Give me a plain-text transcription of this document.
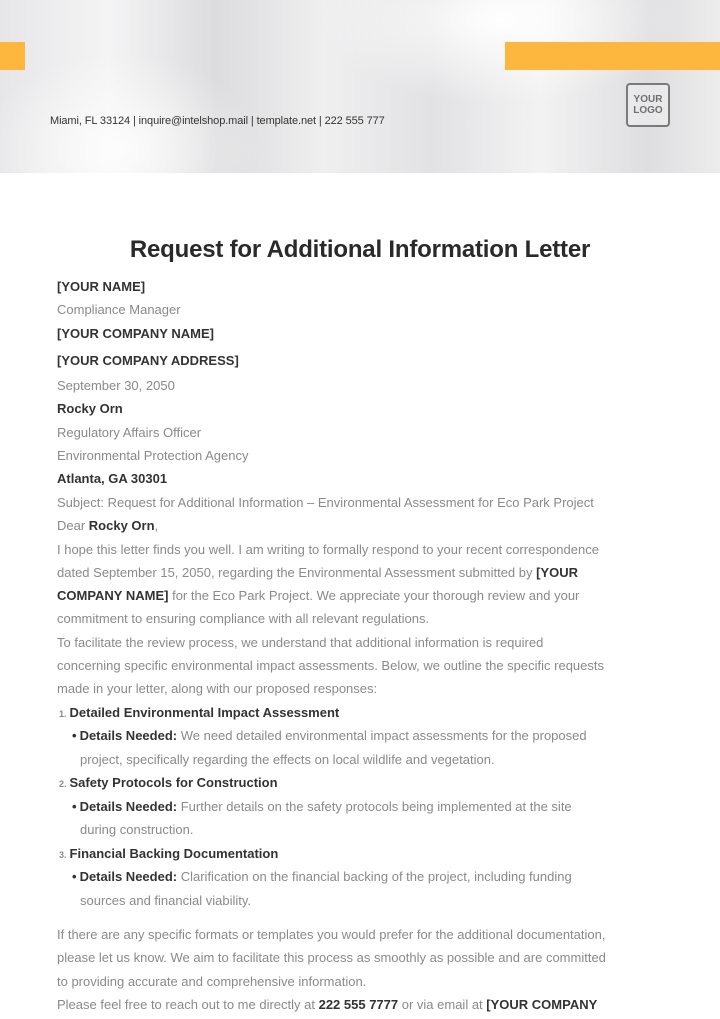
Miami, FL 33124 | inquire@intelshop.mail | template.net | 222 555 777
YOUR
LOGO
Request for Additional Information Letter
[YOUR NAME]
Compliance Manager
[YOUR COMPANY NAME]
[YOUR COMPANY ADDRESS]
September 30, 2050
Rocky Orn
Regulatory Affairs Officer
Environmental Protection Agency
Atlanta, GA 30301
Subject: Request for Additional Information – Environmental Assessment for Eco Park Project
Dear Rocky Orn,
I hope this letter finds you well. I am writing to formally respond to your recent correspondence
dated September 15, 2050, regarding the Environmental Assessment submitted by [YOUR
COMPANY NAME] for the Eco Park Project. We appreciate your thorough review and your
commitment to ensuring compliance with all relevant regulations.
To facilitate the review process, we understand that additional information is required
concerning specific environmental impact assessments. Below, we outline the specific requests
made in your letter, along with our proposed responses:
1. Detailed Environmental Impact Assessment
• Details Needed: We need detailed environmental impact assessments for the proposed
project, specifically regarding the effects on local wildlife and vegetation.
2. Safety Protocols for Construction
• Details Needed: Further details on the safety protocols being implemented at the site
during construction.
3. Financial Backing Documentation
• Details Needed: Clarification on the financial backing of the project, including funding
sources and financial viability.
If there are any specific formats or templates you would prefer for the additional documentation,
please let us know. We aim to facilitate this process as smoothly as possible and are committed
to providing accurate and comprehensive information.
Please feel free to reach out to me directly at 222 555 7777 or via email at [YOUR COMPANY
